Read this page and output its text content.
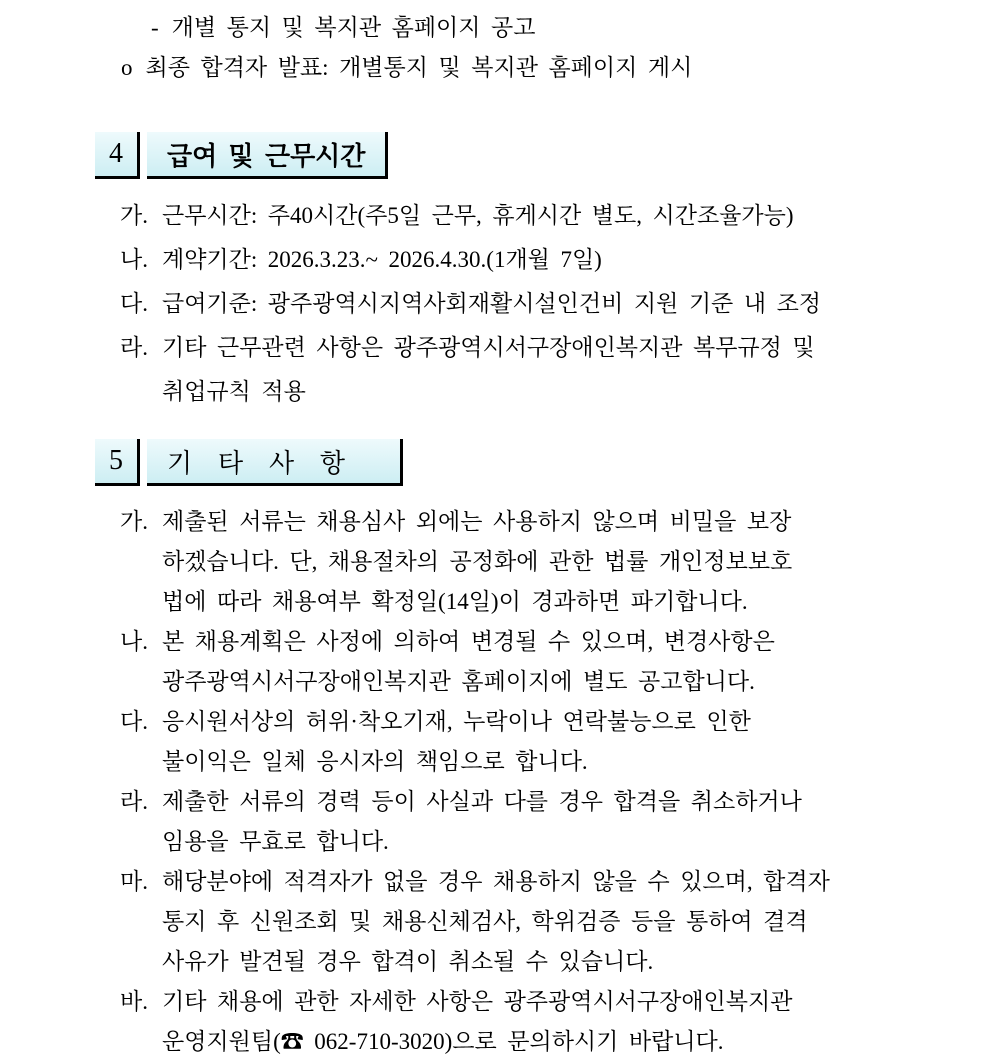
- 개별 통지 및 복지관 홈페이지 공고
o 최종 합격자 발표: 개별통지 및 복지관 홈페이지 게시
4	급여 및 근무시간
가. 근무시간: 주40시간(주5일 근무, 휴게시간 별도, 시간조율가능)
나. 계약기간: 2026.3.23.~ 2026.4.30.(1개월 7일)
다. 급여기준: 광주광역시지역사회재활시설인건비 지원 기준 내 조정
라. 기타 근무관련 사항은 광주광역시서구장애인복지관 복무규정 및
취업규칙 적용
5	기 타 사 항
가. 제출된 서류는 채용심사 외에는 사용하지 않으며 비밀을 보장
하겠습니다. 단, 채용절차의 공정화에 관한 법률 개인정보보호
법에 따라 채용여부 확정일(14일)이 경과하면 파기합니다.
나. 본 채용계획은 사정에 의하여 변경될 수 있으며, 변경사항은
광주광역시서구장애인복지관 홈페이지에 별도 공고합니다.
다. 응시원서상의 허위·착오기재, 누락이나 연락불능으로 인한
불이익은 일체 응시자의 책임으로 합니다.
라. 제출한 서류의 경력 등이 사실과 다를 경우 합격을 취소하거나
임용을 무효로 합니다.
마. 해당분야에 적격자가 없을 경우 채용하지 않을 수 있으며, 합격자
통지 후 신원조회 및 채용신체검사, 학위검증 등을 통하여 결격
사유가 발견될 경우 합격이 취소될 수 있습니다.
바. 기타 채용에 관한 자세한 사항은 광주광역시서구장애인복지관
운영지원팀(☎ 062-710-3020)으로 문의하시기 바랍니다.
